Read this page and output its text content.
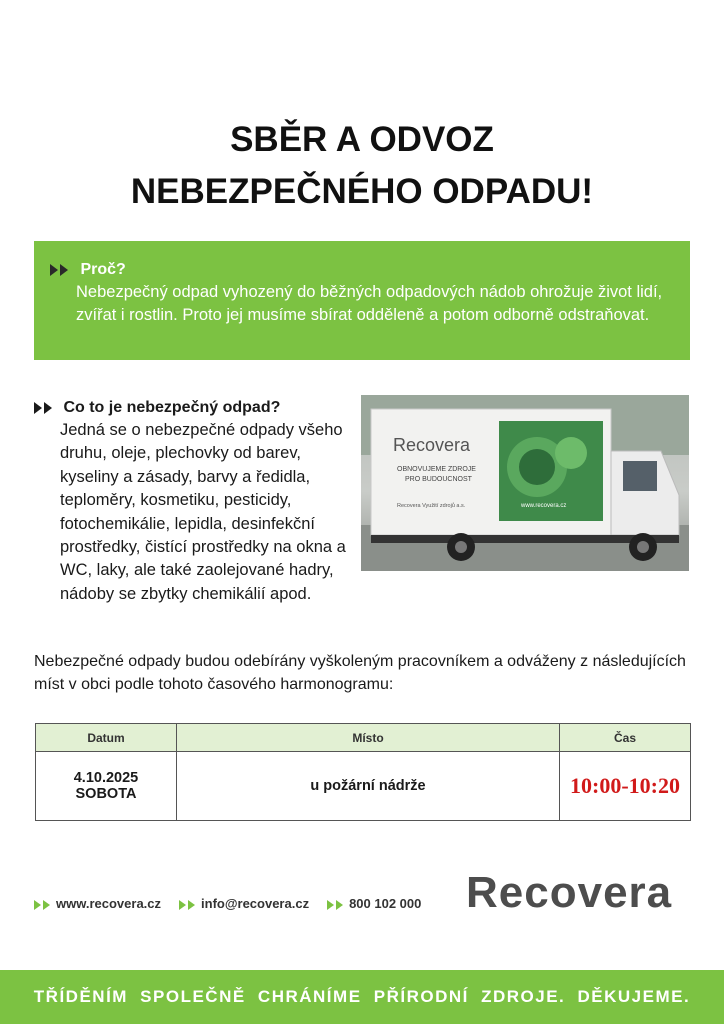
SBĚR A ODVOZ
NEBEZPEČNÉHO ODPADU!
Proč?
Nebezpečný odpad vyhozený do běžných odpadových nádob ohrožuje život lidí, zvířat i rostlin. Proto jej musíme sbírat odděleně a potom odborně odstraňovat.
Co to je nebezpečný odpad?
Jedná se o nebezpečné odpady všeho druhu, oleje, plechovky od barev, kyseliny a zásady, barvy a ředidla, teploměry, kosmetiku, pesticidy, fotochemikálie, lepidla, desinfekční prostředky, čistící prostředky na okna a WC, laky, ale také zaolejované hadry, nádoby se zbytky chemikálií apod.
Recovera
OBNOVUJEME ZDROJE
PRO BUDOUCNOST
Recovera Využití zdrojů a.s.	www.recovera.cz
Nebezpečné odpady budou odebírány vyškoleným pracovníkem a odváženy z následujících míst v obci podle tohoto časového harmonogramu:
Datum	Místo	Čas

4.10.2025
SOBOTA	u požární nádrže	10:00-10:20
www.recovera.cz	info@recovera.cz	800 102 000 Recovera
TŘÍDĚNÍM SPOLEČNĚ CHRÁNÍME PŘÍRODNÍ ZDROJE. DĚKUJEME.
